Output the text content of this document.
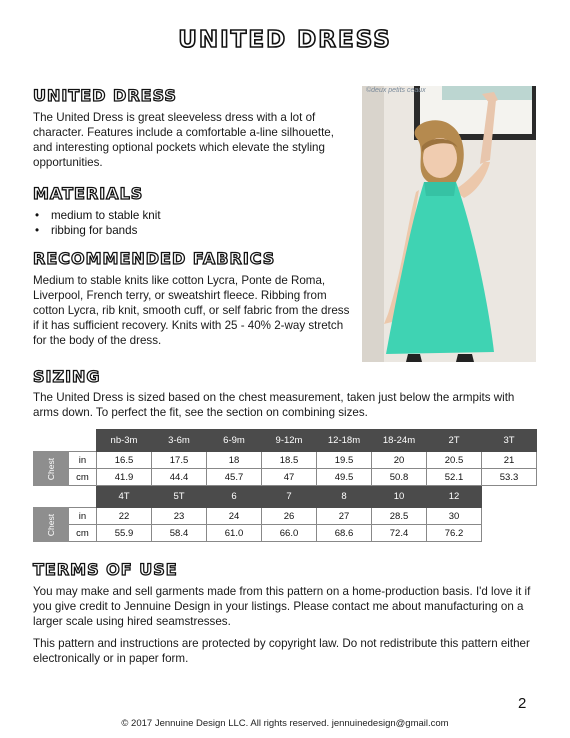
UNITED DRESS
UNITED DRESS

The United Dress is great sleeveless dress with a lot of character. Features include a comfortable a-line silhouette, and interesting optional pockets which elevate the styling opportunities.

MATERIALS
• medium to stable knit
• ribbing for bands
RECOMMENDED FABRICS

Medium to stable knits like cotton Lycra, Ponte de Roma, Liverpool, French terry, or sweatshirt fleece. Ribbing from cotton Lycra, rib knit, smooth cuff, or self fabric from the dress if it has sufficient recovery. Knits with 25 - 40% 2-way stretch for the body of the dress.

©deux petits ceaux
SIZING

The United Dress is sized based on the chest measurement, taken just below the armpits with arms down. To perfect the fit, see the section on combining sizes.

		nb-3m	3-6m	6-9m	9-12m	12-18m	18-24m	2T	3T

Chest	in	16.5	17.5	18	18.5	19.5	20	20.5	21
	cm	41.9	44.4	45.7	47	49.5	50.8	52.1	53.3
		4T	5T	6	7	8	10	12	

Chest	in	22	23	24	26	27	28.5	30	
	cm	55.9	58.4	61.0	66.0	68.6	72.4	76.2	
TERMS OF USE

You may make and sell garments made from this pattern on a home-production basis. I'd love it if you give credit to Jennuine Design in your listings. Please contact me about manufacturing on a larger scale using hired seamstresses.

This pattern and instructions are protected by copyright law. Do not redistribute this pattern either electronically or in paper form.

2
© 2017 Jennuine Design LLC. All rights reserved. jennuinedesign@gmail.com
